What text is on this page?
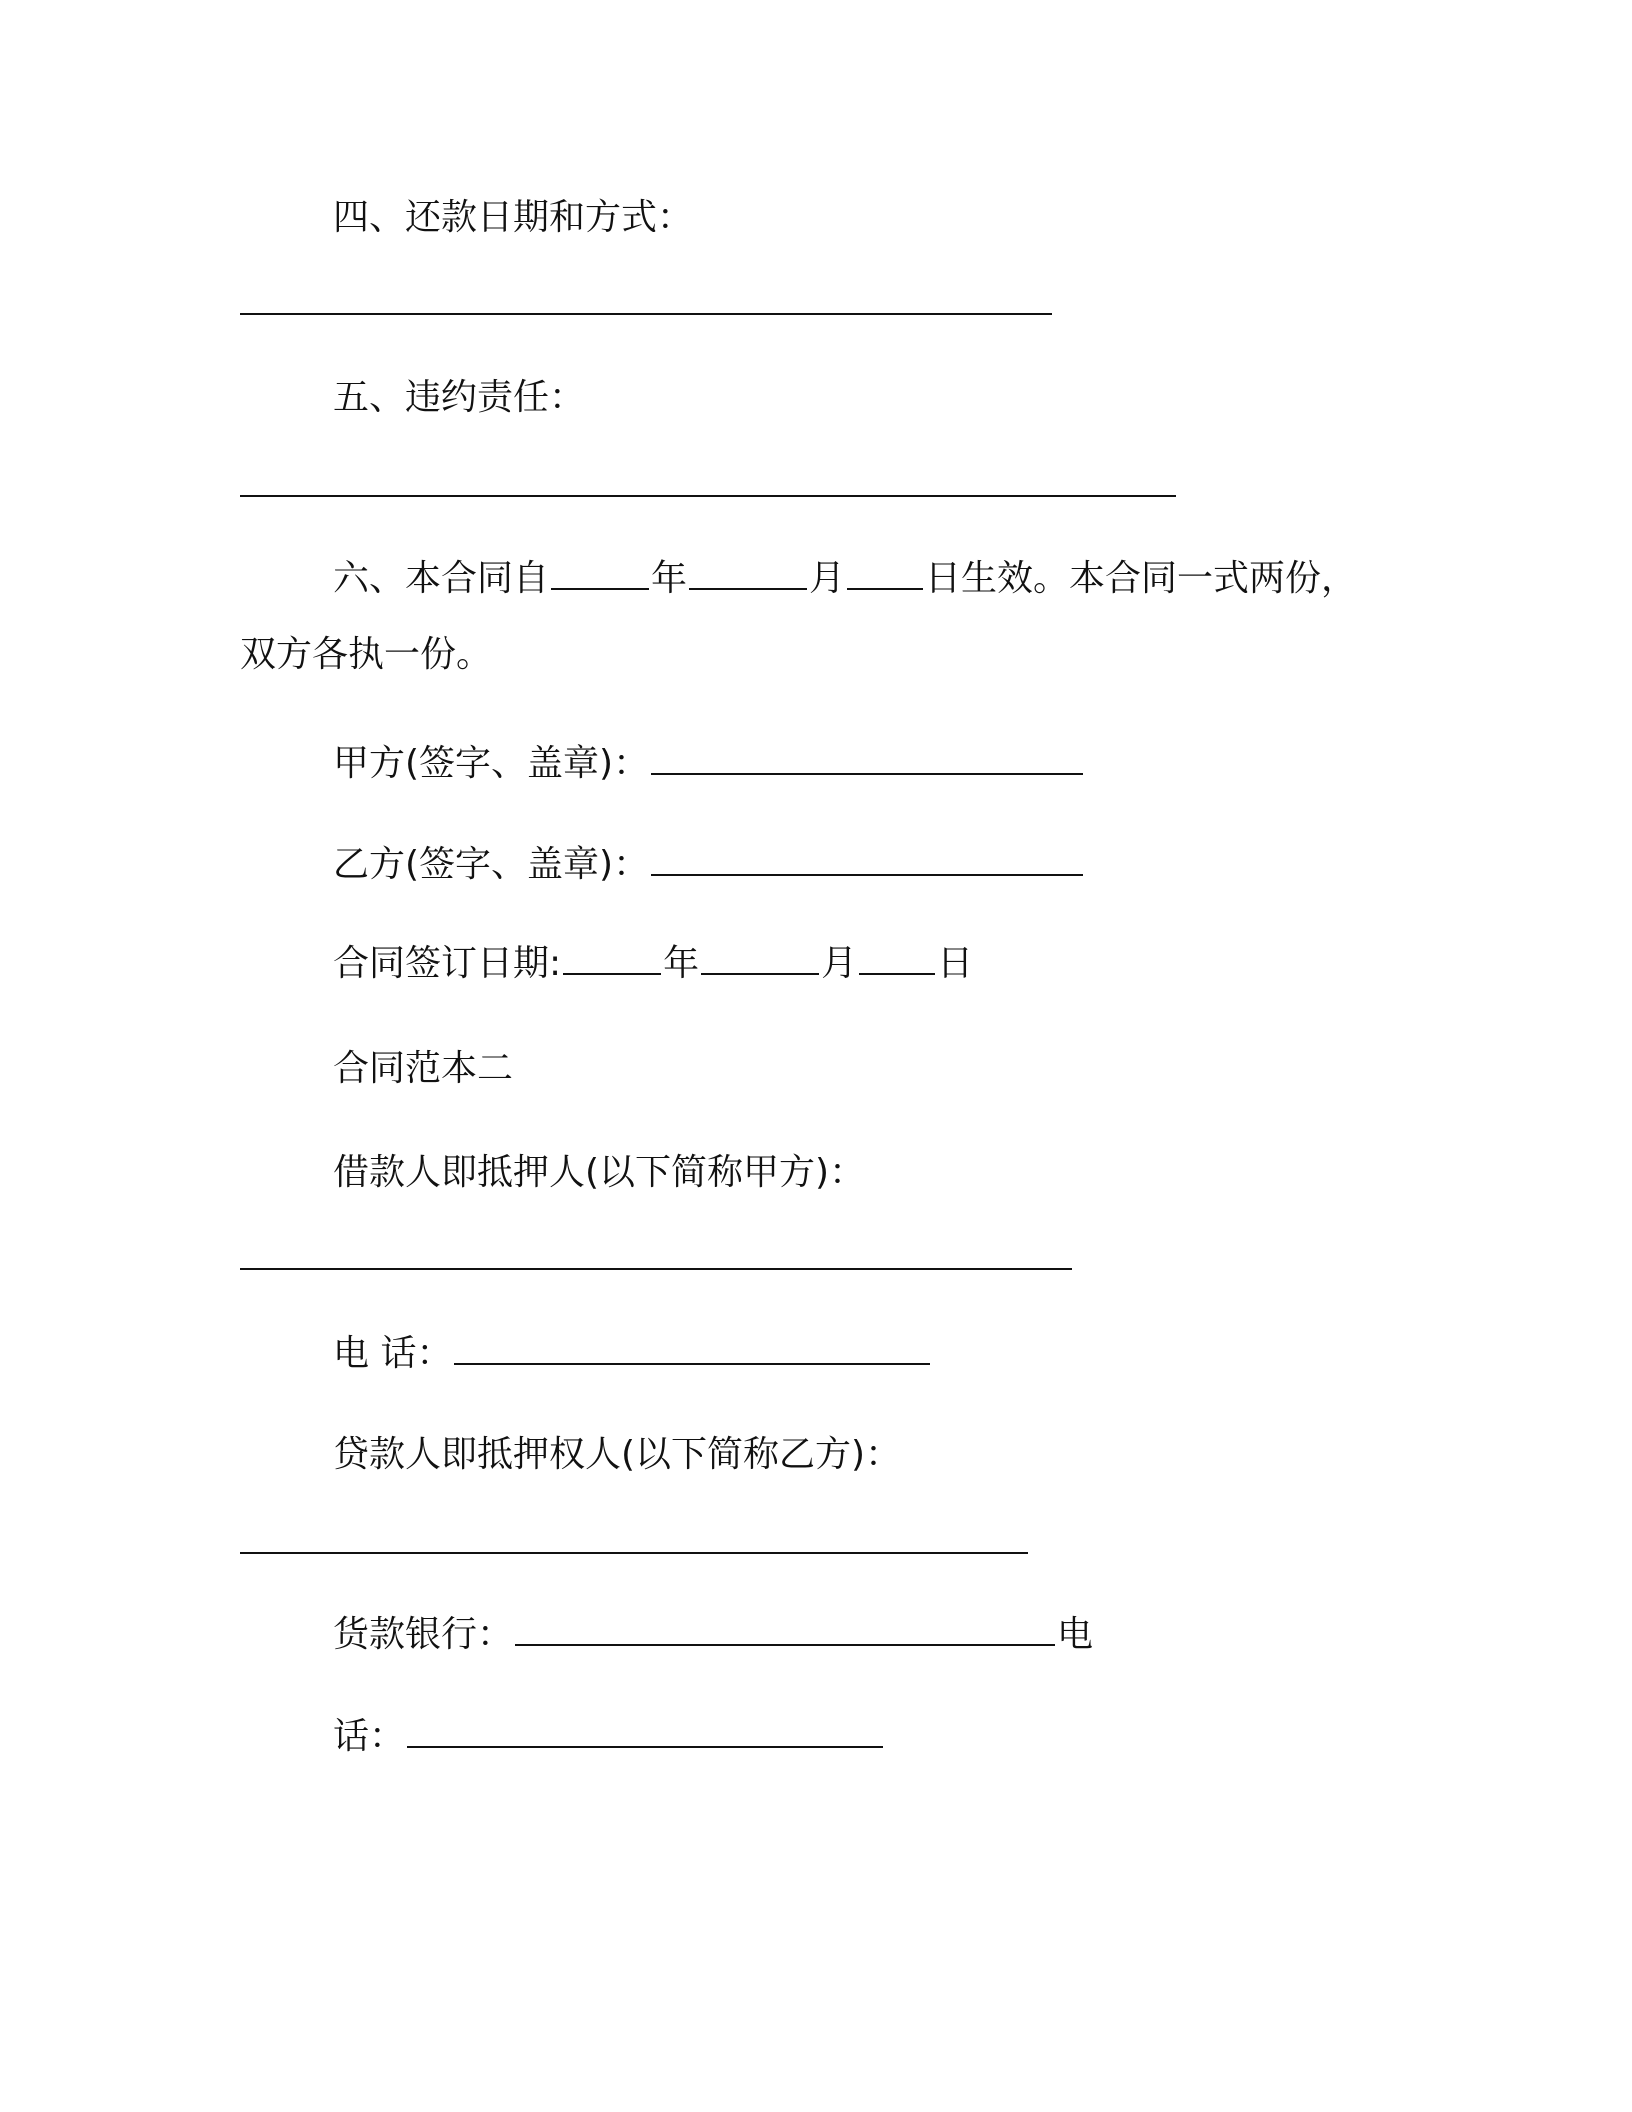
四、还款日期和方式：
五、违约责任：
六、本合同自	年	月 日生效。本合同一式两份，
双方各执一份。
甲方(签字、盖章)：
乙方(签字、盖章)：
合同签订日期:	年	月 日
合同范本二
借款人即抵押人(以下简称甲方)：
电 话：
贷款人即抵押权人(以下简称乙方)：
货款银行：	电
话：
